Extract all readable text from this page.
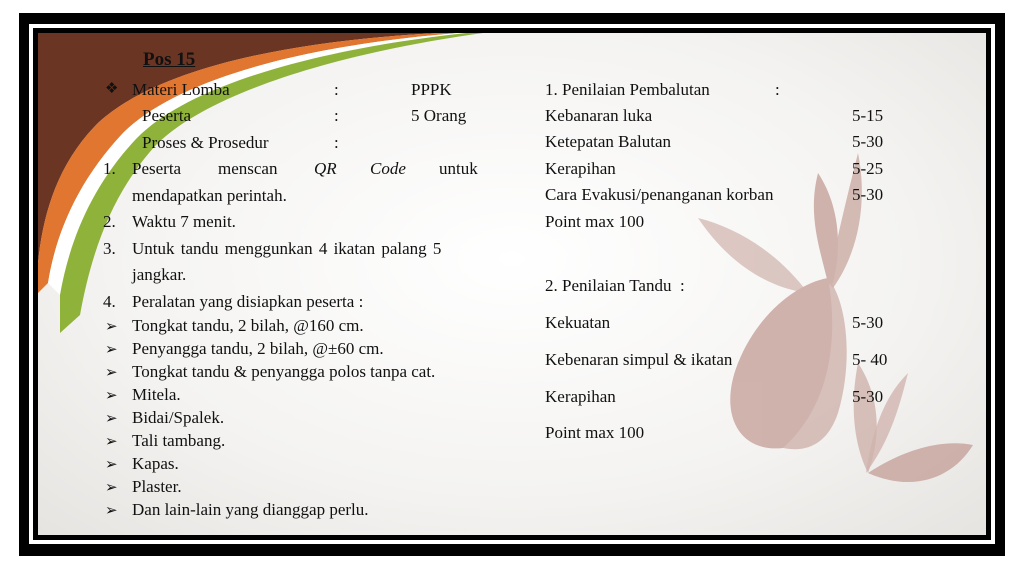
Pos 15
❖ Materi Lomba	:	PPPK
Peserta	:	5 Orang
Proses & Prosedur	:
1. Peserta menscan QR Code untuk
mendapatkan perintah.
2. Waktu 7 menit.
3. Untuk tandu menggunkan 4 ikatan palang 5
jangkar.
4. Peralatan yang disiapkan peserta :
➢ Tongkat tandu, 2 bilah, @160 cm.
➢ Penyangga tandu, 2 bilah, @±60 cm.
➢ Tongkat tandu & penyangga polos tanpa cat.
➢ Mitela.
➢ Bidai/Spalek.
➢ Tali tambang.
➢ Kapas.
➢ Plaster.
➢ Dan lain-lain yang dianggap perlu.
1. Penilaian Pembalutan	:
Kebanaran luka	5-15
Ketepatan Balutan	5-30
Kerapihan	5-25
Cara Evakusi/penanganan korban	5-30
Point max 100
2. Penilaian Tandu  :
Kekuatan	5-30
Kebenaran simpul & ikatan	5- 40
Kerapihan	5-30
Point max 100
